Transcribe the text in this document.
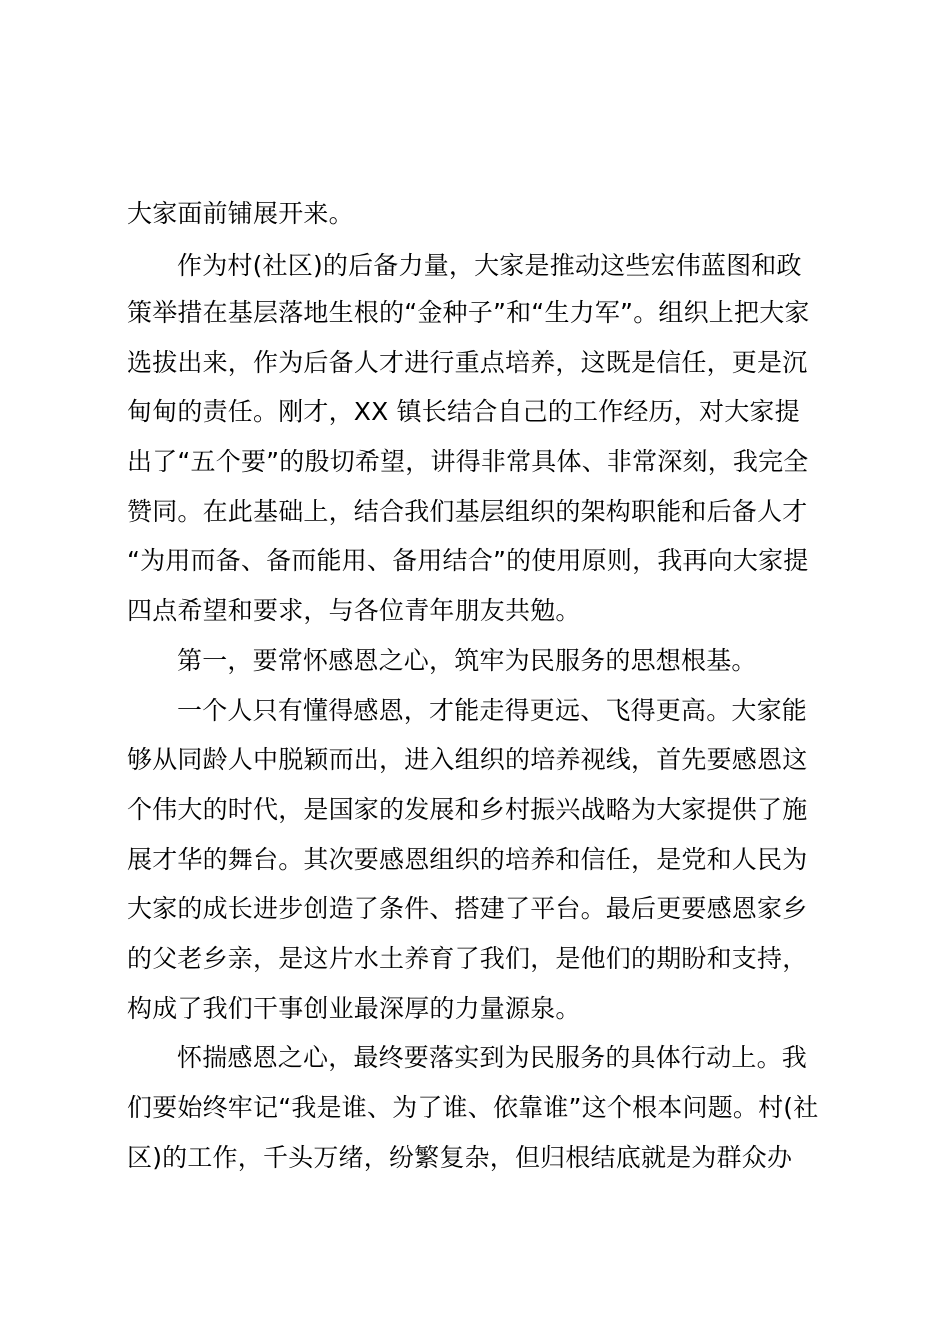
大家面前铺展开来。
作为村(社区)的后备力量，大家是推动这些宏伟蓝图和政
策举措在基层落地生根的“金种子”和“生力军”。组织上把大家
选拔出来，作为后备人才进行重点培养，这既是信任，更是沉
甸甸的责任。刚才，XX 镇长结合自己的工作经历，对大家提
出了“五个要”的殷切希望，讲得非常具体、非常深刻，我完全
赞同。在此基础上，结合我们基层组织的架构职能和后备人才
“为用而备、备而能用、备用结合”的使用原则，我再向大家提
四点希望和要求，与各位青年朋友共勉。
第一，要常怀感恩之心，筑牢为民服务的思想根基。
一个人只有懂得感恩，才能走得更远、飞得更高。大家能
够从同龄人中脱颖而出，进入组织的培养视线，首先要感恩这
个伟大的时代，是国家的发展和乡村振兴战略为大家提供了施
展才华的舞台。其次要感恩组织的培养和信任，是党和人民为
大家的成长进步创造了条件、搭建了平台。最后更要感恩家乡
的父老乡亲，是这片水土养育了我们，是他们的期盼和支持，
构成了我们干事创业最深厚的力量源泉。
怀揣感恩之心，最终要落实到为民服务的具体行动上。我
们要始终牢记“我是谁、为了谁、依靠谁”这个根本问题。村(社
区)的工作，千头万绪，纷繁复杂，但归根结底就是为群众办
